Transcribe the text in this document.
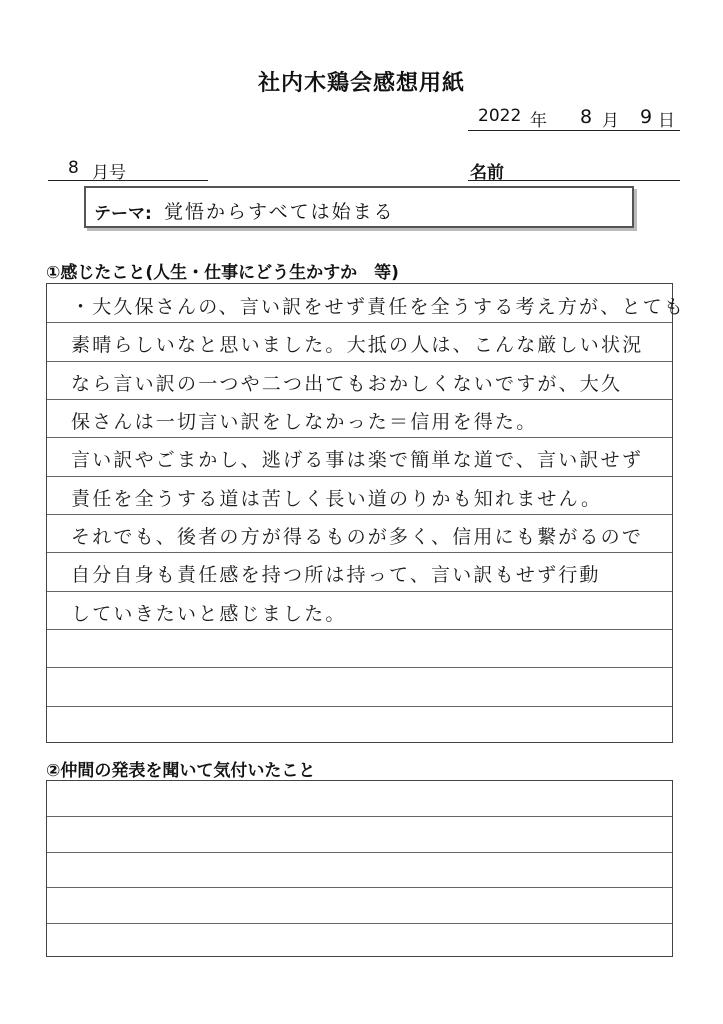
社内木鶏会感想用紙
2022 年 8 月 9 日
8 月号	名前
テーマ: 覚悟からすべては始まる
①感じたこと(人生・仕事にどう生かすか　等)
・大久保さんの、言い訳をせず責任を全うする考え方が、とても
素晴らしいなと思いました。大抵の人は、こんな厳しい状況
なら言い訳の一つや二つ出てもおかしくないですが、大久
保さんは一切言い訳をしなかった＝信用を得た。
言い訳やごまかし、逃げる事は楽で簡単な道で、言い訳せず
責任を全うする道は苦しく長い道のりかも知れません。
それでも、後者の方が得るものが多く、信用にも繋がるので
自分自身も責任感を持つ所は持って、言い訳もせず行動
していきたいと感じました。
②仲間の発表を聞いて気付いたこと
